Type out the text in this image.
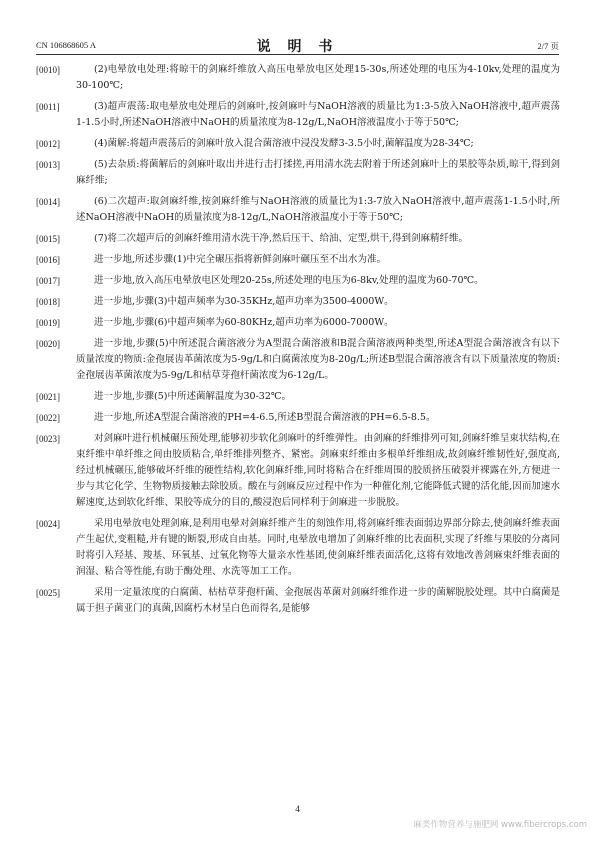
CN 106868605 A	说 明 书	2/7 页

[0010]	(2)电晕放电处理:将晾干的剑麻纤维放入高压电晕放电区处理15-30s,所述处理的电压为4-10kv,处理的温度为30-100℃;

[0011]	(3)超声震荡:取电晕放电处理后的剑麻叶,按剑麻叶与NaOH溶液的质量比为1:3-5放入NaOH溶液中,超声震荡1-1.5小时,所述NaOH溶液中NaOH的质量浓度为8-12g/L,NaOH溶液温度小于等于50℃;

[0012]	(4)菌解:将超声震荡后的剑麻叶放入混合菌溶液中浸没发酵3-3.5小时,菌解温度为28-34℃;

[0013]	(5)去杂质:将菌解后的剑麻叶取出并进行击打揉搓,再用清水洗去附着于所述剑麻叶上的果胶等杂质,晾干,得到剑麻纤维;

[0014]	(6)二次超声:取剑麻纤维,按剑麻纤维与NaOH溶液的质量比为1:3-7放入NaOH溶液中,超声震荡1-1.5小时,所述NaOH溶液中NaOH的质量浓度为8-12g/L,NaOH溶液温度小于等于50℃;

[0015]	(7)将二次超声后的剑麻纤维用清水洗干净,然后压干、给油、定型,烘干,得到剑麻精纤维。

[0016]	进一步地,所述步骤(1)中完全碾压指将新鲜剑麻叶碾压至不出水为准。

[0017]	进一步地,放入高压电晕放电区处理20-25s,所述处理的电压为6-8kv,处理的温度为60-70℃。

[0018]	进一步地,步骤(3)中超声频率为30-35KHz,超声功率为3500-4000W。

[0019]	进一步地,步骤(6)中超声频率为60-80KHz,超声功率为6000-7000W。

[0020]	进一步地,步骤(5)中所述混合菌溶液分为A型混合菌溶液和B混合菌溶液两种类型,所述A型混合菌溶液含有以下质量浓度的物质:金孢展齿革菌浓度为5-9g/L和白腐菌浓度为8-20g/L;所述B型混合菌溶液含有以下质量浓度的物质:金孢展齿革菌浓度为5-9g/L和枯草芽孢杆菌浓度为6-12g/L。

[0021]	进一步地,步骤(5)中所述菌解温度为30-32℃。

[0022]	进一步地,所述A型混合菌溶液的PH=4-6.5,所述B型混合菌溶液的PH=6.5-8.5。

[0023]	对剑麻叶进行机械碾压预处理,能够初步软化剑麻叶的纤维弹性。由剑麻的纤维排列可知,剑麻纤维呈束状结构,在束纤维中单纤维之间由胶质粘合,单纤维排列整齐、紧密。剑麻束纤维由多根单纤维组成,故剑麻纤维韧性好,强度高,经过机械碾压,能够破坏纤维的硬性结构,软化剑麻纤维,同时将粘合在纤维周围的胶质挤压破裂并裸露在外,方便进一步与其它化学、生物物质接触去除胶质。酸在与剑麻反应过程中作为一种催化剂,它能降低式键的活化能,因而加速水解速度,达到软化纤维、果胶等成分的目的,酸浸泡后同样利于剑麻进一步脱胶。

[0024]	采用电晕放电处理剑麻,是利用电晕对剑麻纤维产生的刻蚀作用,将剑麻纤维表面弱边界部分除去,使剑麻纤维表面产生起伏,变粗糙,并有键的断裂,形成自由基。同时,电晕放电增加了剑麻纤维的比表面积,实现了纤维与果胶的分离同时将引入羟基、羧基、环氧基、过氧化物等大量亲水性基团,使剑麻纤维表面活化,这将有效地改善剑麻束纤维表面的润湿、粘合等性能,有助于酶处理、水洗等加工工作。

[0025]	采用一定量浓度的白腐菌、枯枯草芽孢杆菌、金孢展齿革菌对剑麻纤维作进一步的菌解脱胶处理。其中白腐菌是属于担子菌亚门的真菌,因腐朽木材呈白色而得名,是能够

4
麻类作物营养与施肥网 www.fibercrops.com
